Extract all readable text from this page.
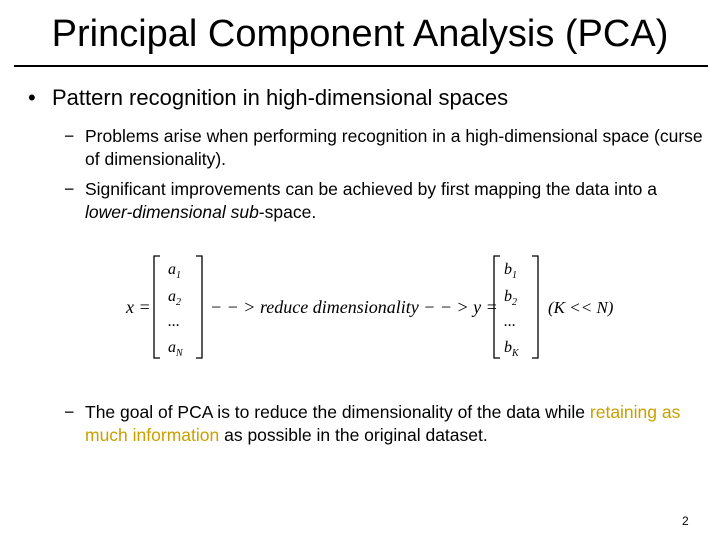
Principal Component Analysis (PCA)
• Pattern recognition in high-dimensional spaces
− Problems arise when performing recognition in a high-dimensional space (curse of dimensionality).
− Significant improvements can be achieved by first mapping the data into a lower-dimensional sub-space.
x =
$a_1$
$a_2$
...
$a_N$
− − > reduce dimensionality − − > y =
$b_1$
$b_2$
...
$b_K$
(K << N)
− The goal of PCA is to reduce the dimensionality of the data while retaining as much information as possible in the original dataset.
2
